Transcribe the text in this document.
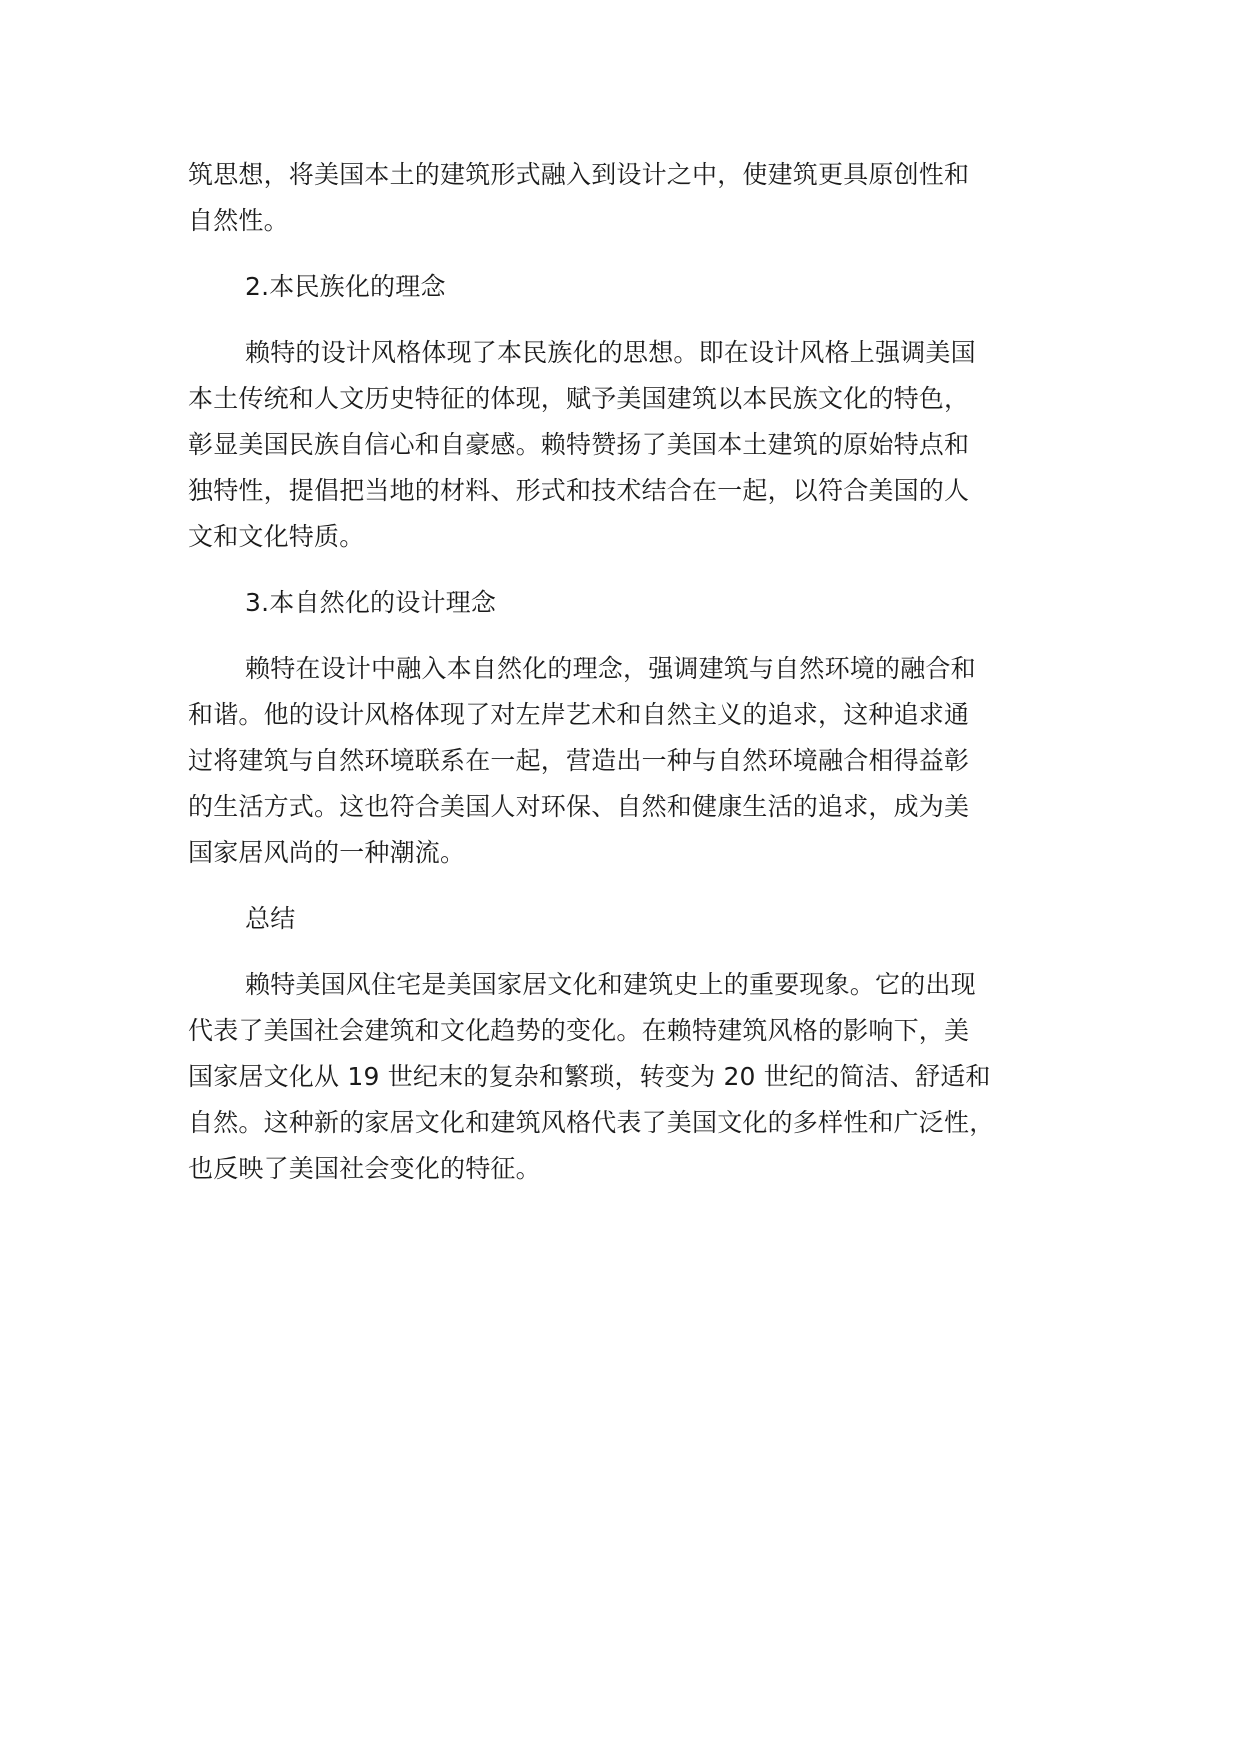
筑思想，将美国本土的建筑形式融入到设计之中，使建筑更具原创性和
自然性。
2.本民族化的理念
赖特的设计风格体现了本民族化的思想。即在设计风格上强调美国
本土传统和人文历史特征的体现，赋予美国建筑以本民族文化的特色，
彰显美国民族自信心和自豪感。赖特赞扬了美国本土建筑的原始特点和
独特性，提倡把当地的材料、形式和技术结合在一起，以符合美国的人
文和文化特质。
3.本自然化的设计理念
赖特在设计中融入本自然化的理念，强调建筑与自然环境的融合和
和谐。他的设计风格体现了对左岸艺术和自然主义的追求，这种追求通
过将建筑与自然环境联系在一起，营造出一种与自然环境融合相得益彰
的生活方式。这也符合美国人对环保、自然和健康生活的追求，成为美
国家居风尚的一种潮流。
总结
赖特美国风住宅是美国家居文化和建筑史上的重要现象。它的出现
代表了美国社会建筑和文化趋势的变化。在赖特建筑风格的影响下，美
国家居文化从 19 世纪末的复杂和繁琐，转变为 20 世纪的简洁、舒适和
自然。这种新的家居文化和建筑风格代表了美国文化的多样性和广泛性，
也反映了美国社会变化的特征。
